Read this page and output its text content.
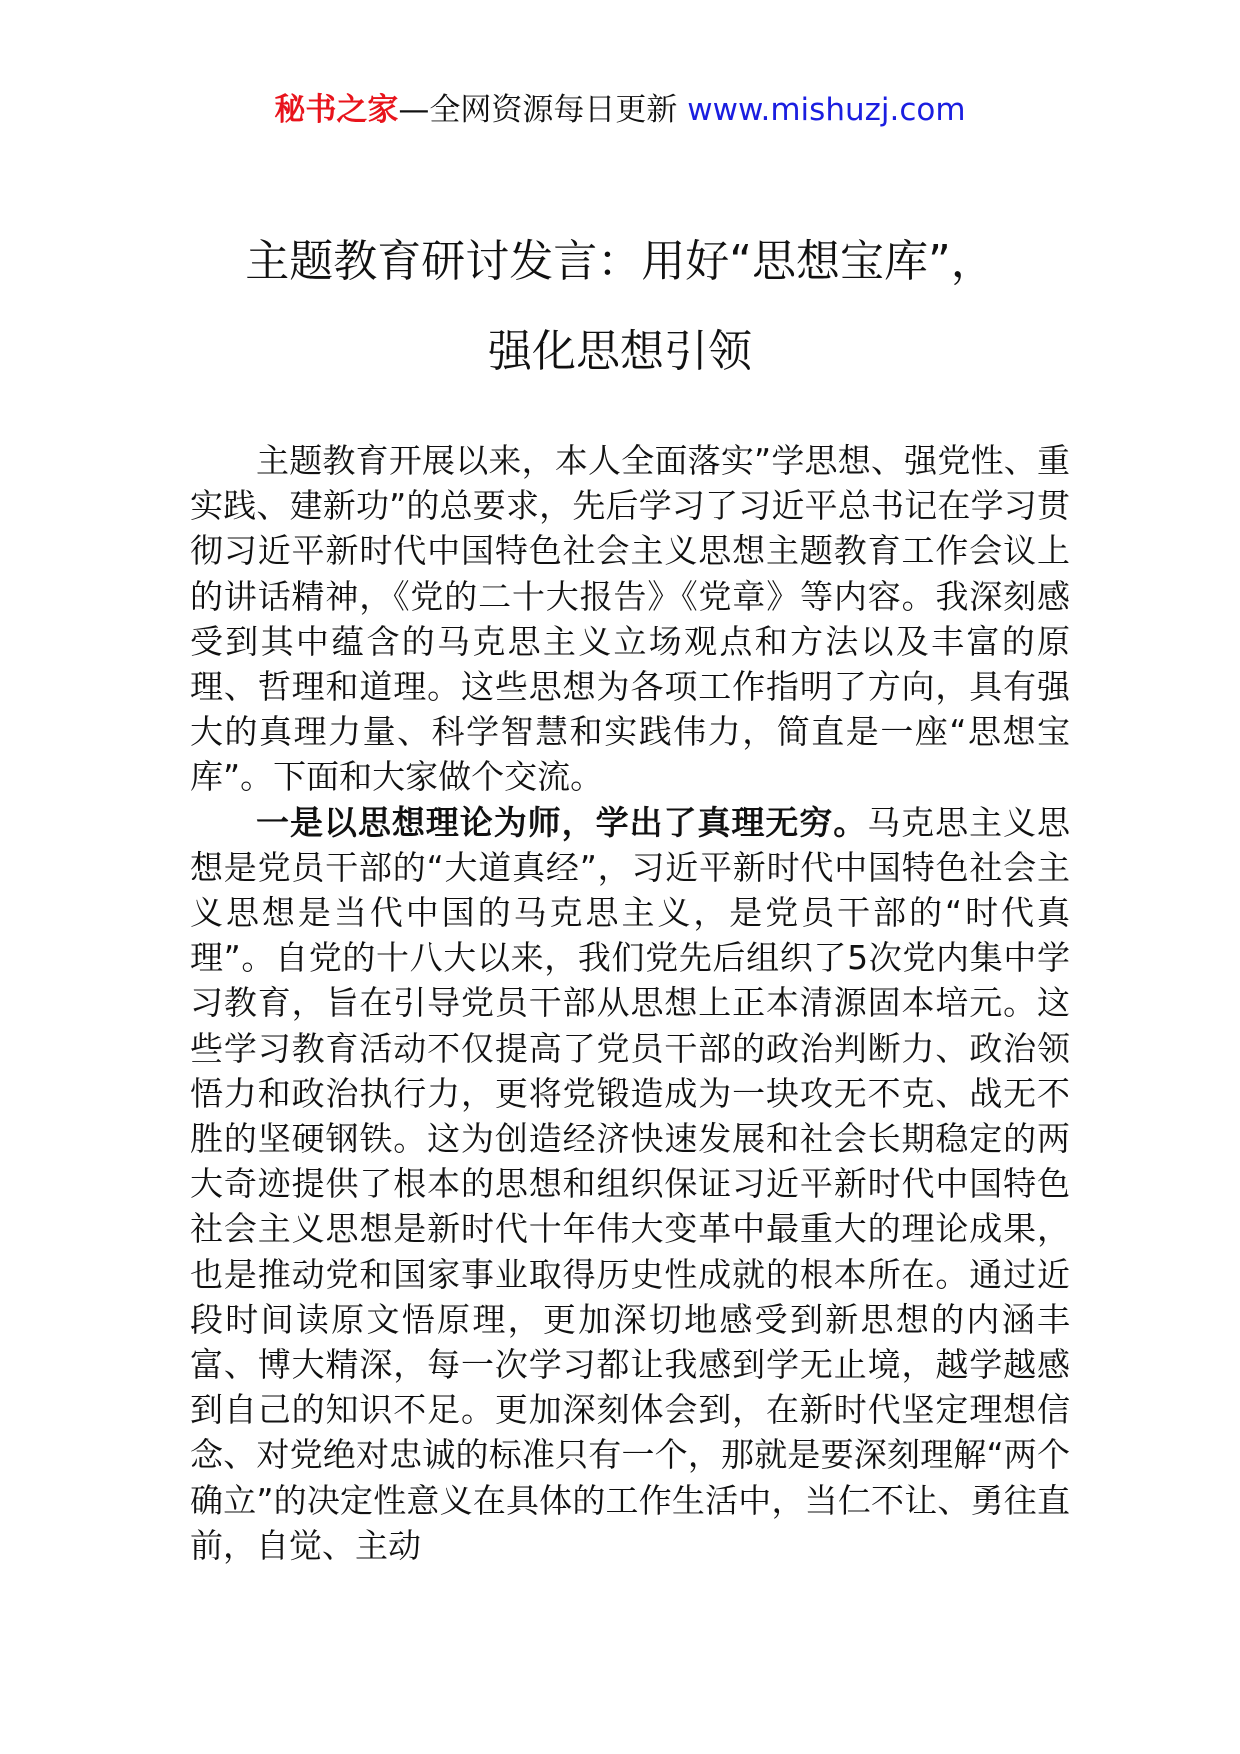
秘书之家—全网资源每日更新 www.mishuzj.com
主题教育研讨发言：用好“思想宝库”，
强化思想引领

主题教育开展以来，本人全面落实”学思想、强党性、重实践、建新功”的总要求，先后学习了习近平总书记在学习贯彻习近平新时代中国特色社会主义思想主题教育工作会议上的讲话精神，《党的二十大报告》《党章》等内容。我深刻感受到其中蕴含的马克思主义立场观点和方法以及丰富的原理、哲理和道理。这些思想为各项工作指明了方向，具有强大的真理力量、科学智慧和实践伟力，简直是一座“思想宝库”。下面和大家做个交流。

一是以思想理论为师，学出了真理无穷。马克思主义思想是党员干部的“大道真经”，习近平新时代中国特色社会主义思想是当代中国的马克思主义，是党员干部的“时代真理”。自党的十八大以来，我们党先后组织了5次党内集中学习教育，旨在引导党员干部从思想上正本清源固本培元。这些学习教育活动不仅提高了党员干部的政治判断力、政治领悟力和政治执行力，更将党锻造成为一块攻无不克、战无不胜的坚硬钢铁。这为创造经济快速发展和社会长期稳定的两大奇迹提供了根本的思想和组织保证习近平新时代中国特色社会主义思想是新时代十年伟大变革中最重大的理论成果，也是推动党和国家事业取得历史性成就的根本所在。通过近段时间读原文悟原理，更加深切地感受到新思想的内涵丰富、博大精深，每一次学习都让我感到学无止境，越学越感到自己的知识不足。更加深刻体会到，在新时代坚定理想信念、对党绝对忠诚的标准只有一个，那就是要深刻理解“两个确立”的决定性意义在具体的工作生活中，当仁不让、勇往直前，自觉、主动
